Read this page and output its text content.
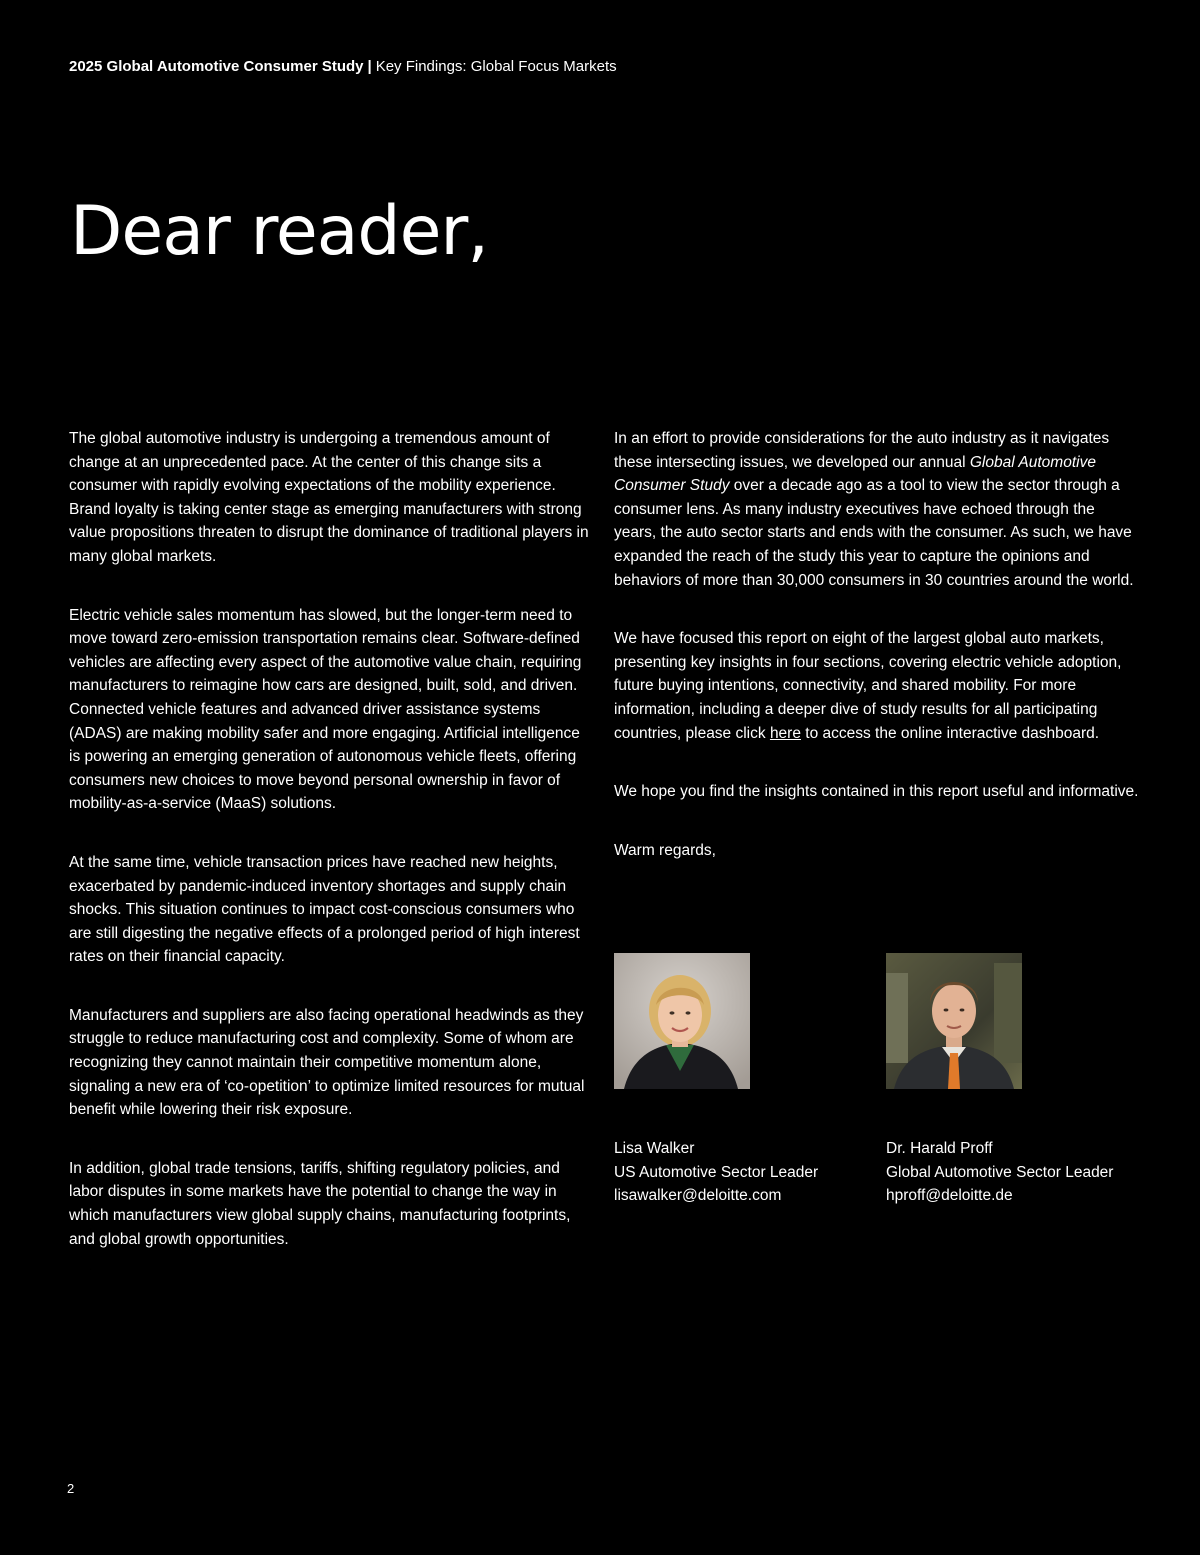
2025 Global Automotive Consumer Study | Key Findings: Global Focus Markets
Dear reader,

The global automotive industry is undergoing a tremendous amount of change at an unprecedented pace. At the center of this change sits a consumer with rapidly evolving expectations of the mobility experience. Brand loyalty is taking center stage as emerging manufacturers with strong value propositions threaten to disrupt the dominance of traditional players in many global markets.

Electric vehicle sales momentum has slowed, but the longer-term need to move toward zero-emission transportation remains clear. Software-defined vehicles are affecting every aspect of the automotive value chain, requiring manufacturers to reimagine how cars are designed, built, sold, and driven. Connected vehicle features and advanced driver assistance systems (ADAS) are making mobility safer and more engaging. Artificial intelligence is powering an emerging generation of autonomous vehicle fleets, offering consumers new choices to move beyond personal ownership in favor of mobility-as-a-service (MaaS) solutions.

At the same time, vehicle transaction prices have reached new heights, exacerbated by pandemic-induced inventory shortages and supply chain shocks. This situation continues to impact cost-conscious consumers who are still digesting the negative effects of a prolonged period of high interest rates on their financial capacity.

Manufacturers and suppliers are also facing operational headwinds as they struggle to reduce manufacturing cost and complexity. Some of whom are recognizing they cannot maintain their competitive momentum alone, signaling a new era of ‘co-opetition’ to optimize limited resources for mutual benefit while lowering their risk exposure.

In addition, global trade tensions, tariffs, shifting regulatory policies, and labor disputes in some markets have the potential to change the way in which manufacturers view global supply chains, manufacturing footprints, and global growth opportunities.

In an effort to provide considerations for the auto industry as it navigates these intersecting issues, we developed our annual Global Automotive Consumer Study over a decade ago as a tool to view the sector through a consumer lens. As many industry executives have echoed through the years, the auto sector starts and ends with the consumer. As such, we have expanded the reach of the study this year to capture the opinions and behaviors of more than 30,000 consumers in 30 countries around the world.

We have focused this report on eight of the largest global auto markets, presenting key insights in four sections, covering electric vehicle adoption, future buying intentions, connectivity, and shared mobility. For more information, including a deeper dive of study results for all participating countries, please click here to access the online interactive dashboard.

We hope you find the insights contained in this report useful and informative.

Warm regards,

Lisa Walker
US Automotive Sector Leader
lisawalker@deloitte.com
Dr. Harald Proff
Global Automotive Sector Leader
hproff@deloitte.de
2
